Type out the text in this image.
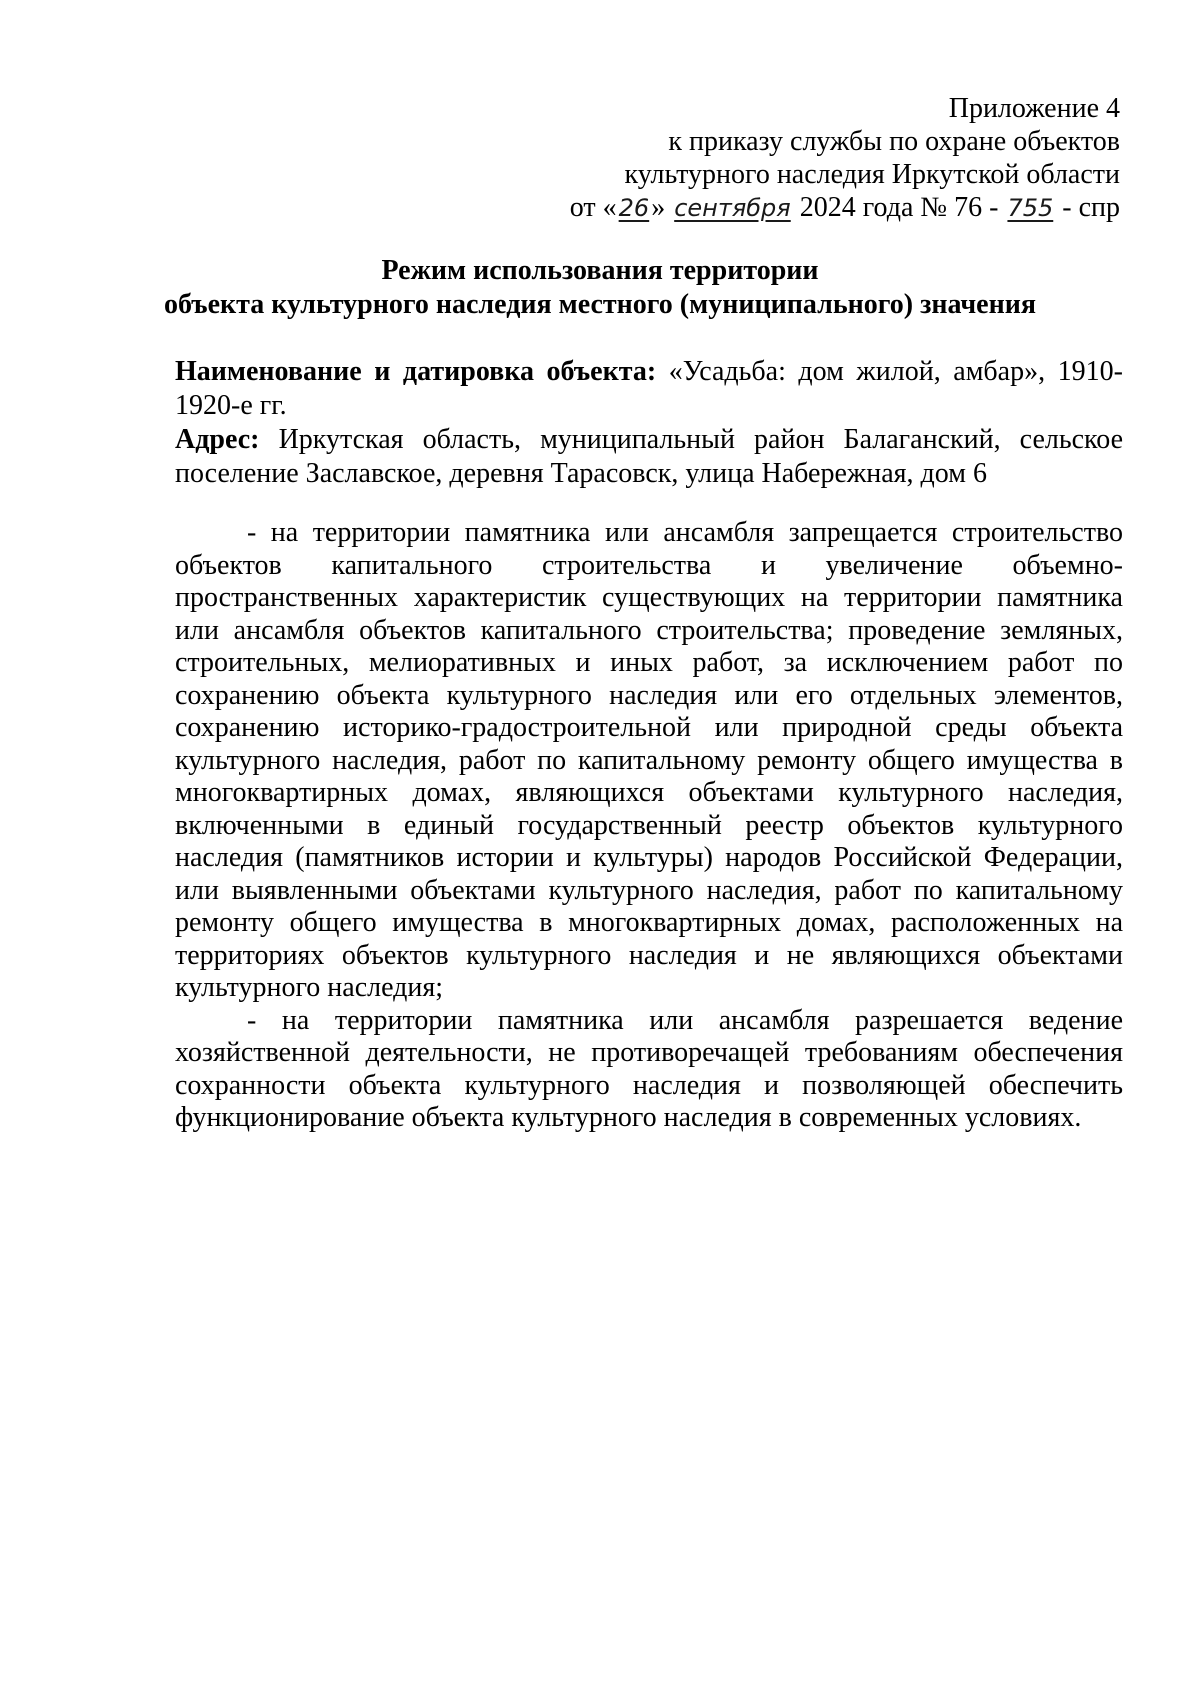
Приложение 4
к приказу службы по охране объектов
культурного наследия Иркутской области
от «26» сентября 2024 года № 76 - 755 - спр
Режим использования территории
объекта культурного наследия местного (муниципального) значения

Наименование и датировка объекта: «Усадьба: дом жилой, амбар», 1910-1920-е гг.

Адрес: Иркутская область, муниципальный район Балаганский, сельское поселение Заславское, деревня Тарасовск, улица Набережная, дом 6

- на территории памятника или ансамбля запрещается строительство объектов капитального строительства и увеличение объемно-пространственных характеристик существующих на территории памятника или ансамбля объектов капитального строительства; проведение земляных, строительных, мелиоративных и иных работ, за исключением работ по сохранению объекта культурного наследия или его отдельных элементов, сохранению историко-градостроительной или природной среды объекта культурного наследия, работ по капитальному ремонту общего имущества в многоквартирных домах, являющихся объектами культурного наследия, включенными в единый государственный реестр объектов культурного наследия (памятников истории и культуры) народов Российской Федерации, или выявленными объектами культурного наследия, работ по капитальному ремонту общего имущества в многоквартирных домах, расположенных на территориях объектов культурного наследия и не являющихся объектами культурного наследия;

- на территории памятника или ансамбля разрешается ведение хозяйственной деятельности, не противоречащей требованиям обеспечения сохранности объекта культурного наследия и позволяющей обеспечить функционирование объекта культурного наследия в современных условиях.
